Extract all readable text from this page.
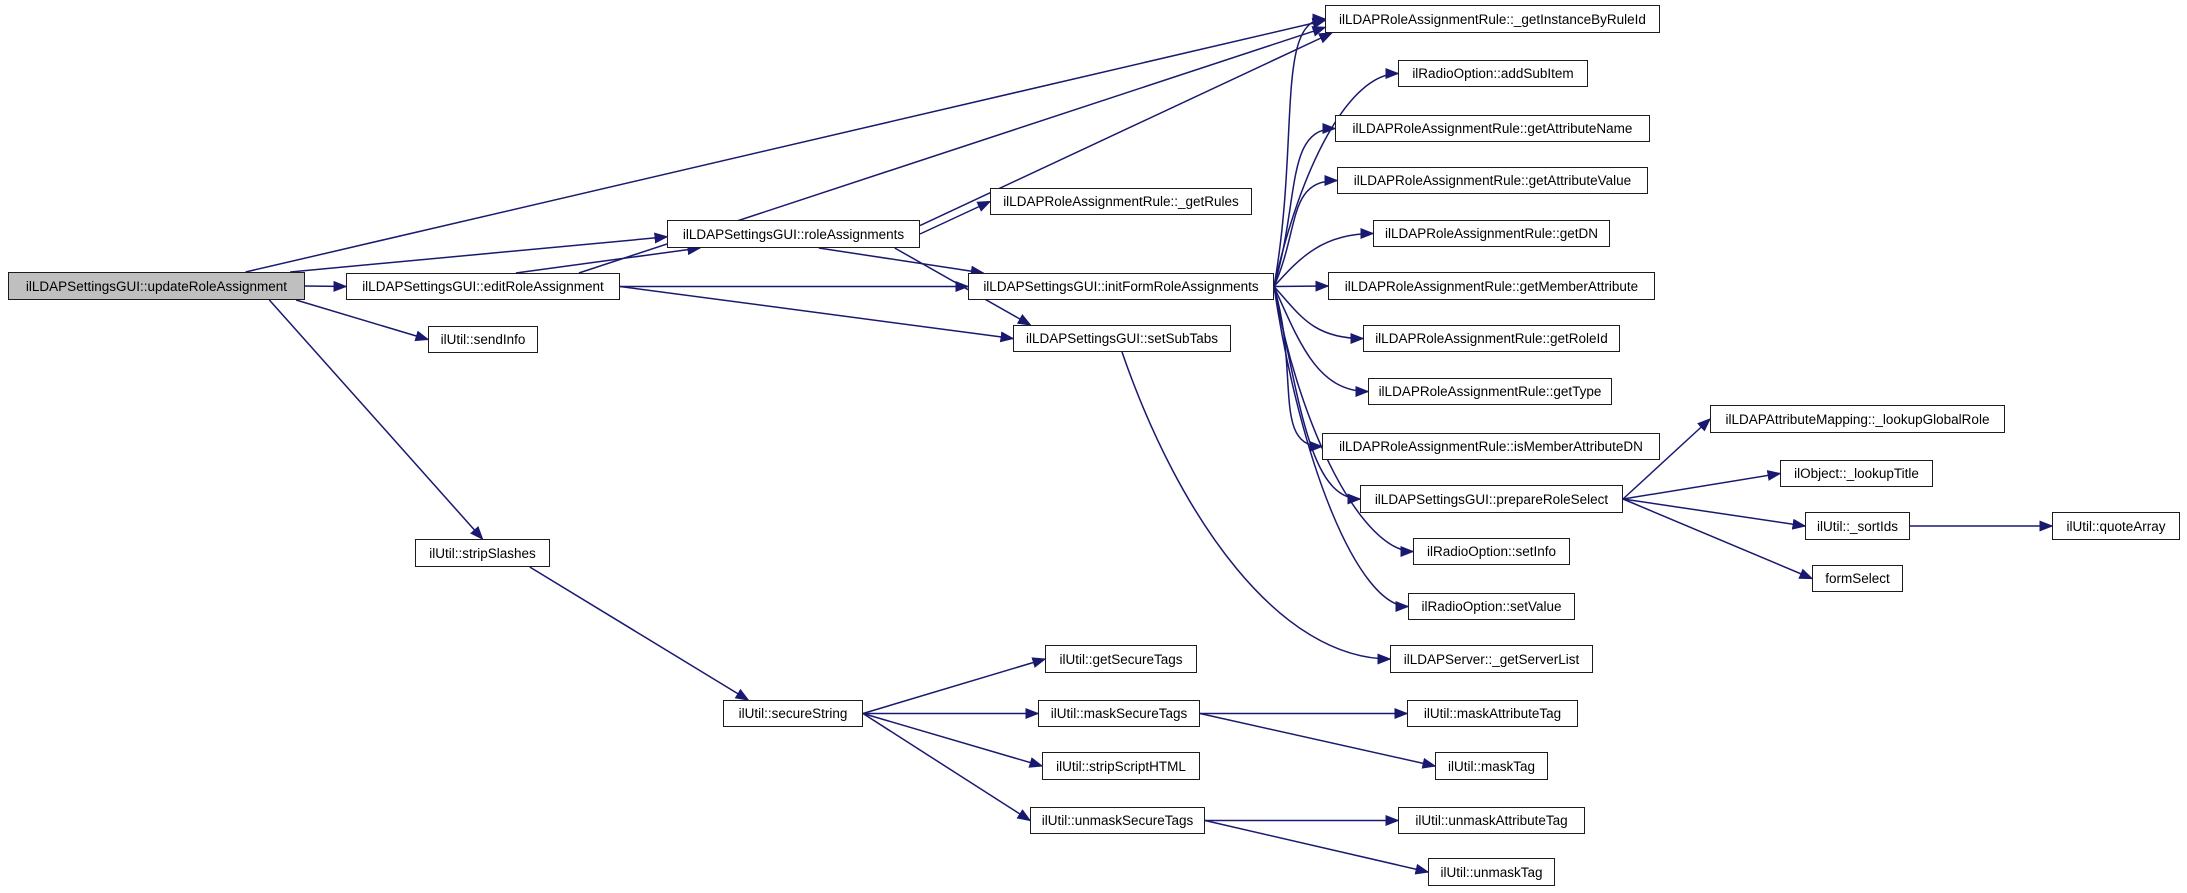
ilLDAPSettingsGUI::updateRoleAssignment	ilLDAPSettingsGUI::editRoleAssignment
ilUtil::sendInfo
ilUtil::stripSlashes
ilLDAPSettingsGUI::roleAssignments
ilLDAPRoleAssignmentRule::_getRules
ilLDAPSettingsGUI::initFormRoleAssignments
ilLDAPSettingsGUI::setSubTabs
ilLDAPRoleAssignmentRule::_getInstanceByRuleId
ilRadioOption::addSubItem
ilLDAPRoleAssignmentRule::getAttributeName
ilLDAPRoleAssignmentRule::getAttributeValue
ilLDAPRoleAssignmentRule::getDN
ilLDAPRoleAssignmentRule::getMemberAttribute
ilLDAPRoleAssignmentRule::getRoleId
ilLDAPRoleAssignmentRule::getType
ilLDAPRoleAssignmentRule::isMemberAttributeDN
ilLDAPSettingsGUI::prepareRoleSelect
ilRadioOption::setInfo
ilRadioOption::setValue
ilLDAPServer::_getServerList
ilLDAPAttributeMapping::_lookupGlobalRole
ilObject::_lookupTitle
ilUtil::_sortIds
formSelect
ilUtil::quoteArray
ilUtil::secureString
ilUtil::getSecureTags
ilUtil::maskSecureTags
ilUtil::stripScriptHTML
ilUtil::unmaskSecureTags
ilUtil::maskAttributeTag
ilUtil::maskTag
ilUtil::unmaskAttributeTag
ilUtil::unmaskTag
